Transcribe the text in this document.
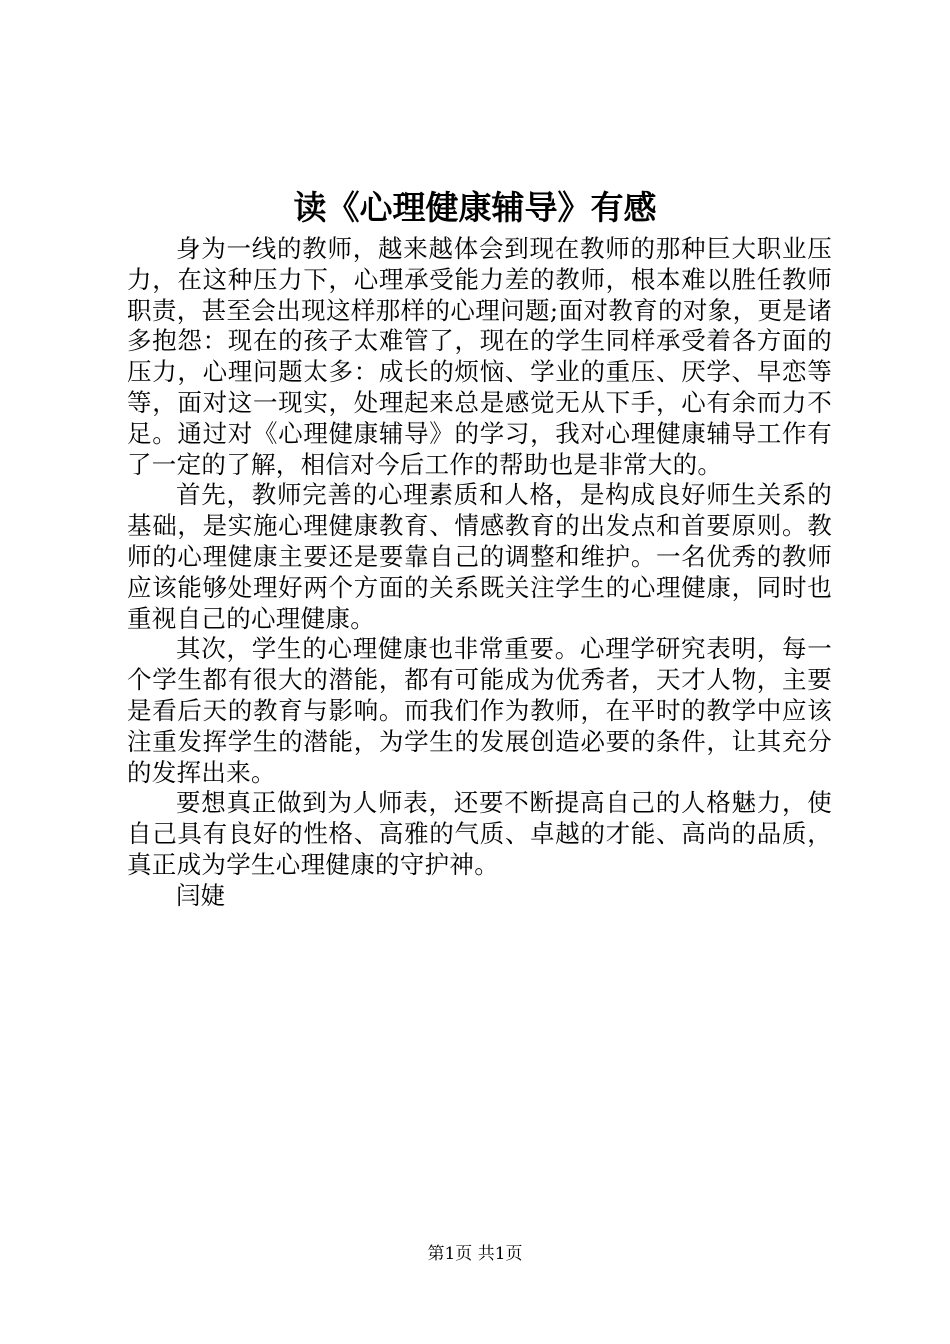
读《心理健康辅导》有感

身为一线的教师，越来越体会到现在教师的那种巨大职业压力，在这种压力下，心理承受能力差的教师，根本难以胜任教师职责，甚至会出现这样那样的心理问题;面对教育的对象，更是诸多抱怨：现在的孩子太难管了，现在的学生同样承受着各方面的压力，心理问题太多：成长的烦恼、学业的重压、厌学、早恋等等，面对这一现实，处理起来总是感觉无从下手，心有余而力不足。通过对《心理健康辅导》的学习，我对心理健康辅导工作有了一定的了解，相信对今后工作的帮助也是非常大的。

首先，教师完善的心理素质和人格，是构成良好师生关系的基础，是实施心理健康教育、情感教育的出发点和首要原则。教师的心理健康主要还是要靠自己的调整和维护。一名优秀的教师应该能够处理好两个方面的关系既关注学生的心理健康，同时也重视自己的心理健康。

其次，学生的心理健康也非常重要。心理学研究表明，每一个学生都有很大的潜能，都有可能成为优秀者，天才人物，主要是看后天的教育与影响。而我们作为教师，在平时的教学中应该注重发挥学生的潜能，为学生的发展创造必要的条件，让其充分的发挥出来。

要想真正做到为人师表，还要不断提高自己的人格魅力，使自己具有良好的性格、高雅的气质、卓越的才能、高尚的品质，真正成为学生心理健康的守护神。

闫婕

第1页 共1页
